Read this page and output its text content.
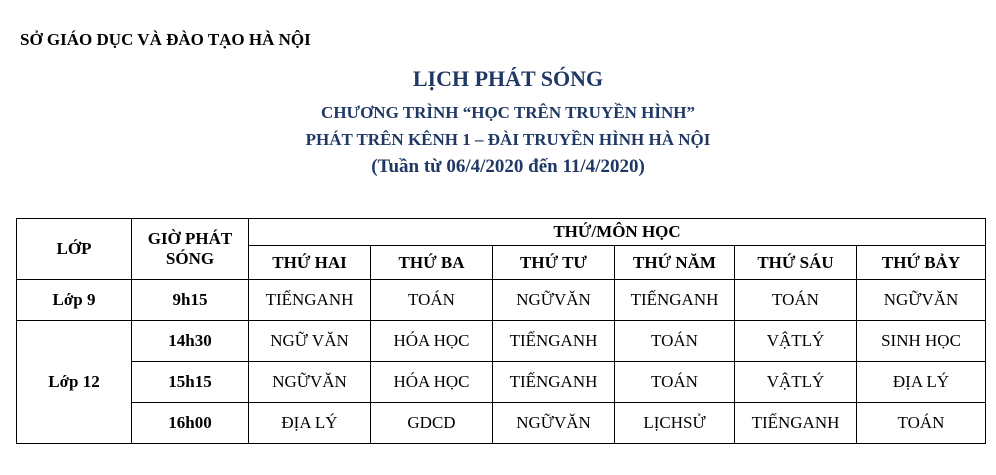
SỞ GIÁO DỤC VÀ ĐÀO TẠO HÀ NỘI
LỊCH PHÁT SÓNG
CHƯƠNG TRÌNH “HỌC TRÊN TRUYỀN HÌNH”
PHÁT TRÊN KÊNH 1 – ĐÀI TRUYỀN HÌNH HÀ NỘI
(Tuần từ 06/4/2020 đến 11/4/2020)
LỚP	GIỜ PHÁT SÓNG	THỨ/MÔN HỌC					
		THỨ HAI	THỨ BA	THỨ TƯ	THỨ NĂM	THỨ SÁU	THỨ BẢY
Lớp 9	9h15	TIẾNGANH	TOÁN	NGỮVĂN	TIẾNGANH	TOÁN	NGỮVĂN
Lớp 12	14h30	NGỮ VĂN	HÓA HỌC	TIẾNGANH	TOÁN	VẬTLÝ	SINH HỌC
	15h15	NGỮVĂN	HÓA HỌC	TIẾNGANH	TOÁN	VẬTLÝ	ĐỊA LÝ
	16h00	ĐỊA LÝ	GDCD	NGỮVĂN	LỊCHSỬ	TIẾNGANH	TOÁN
